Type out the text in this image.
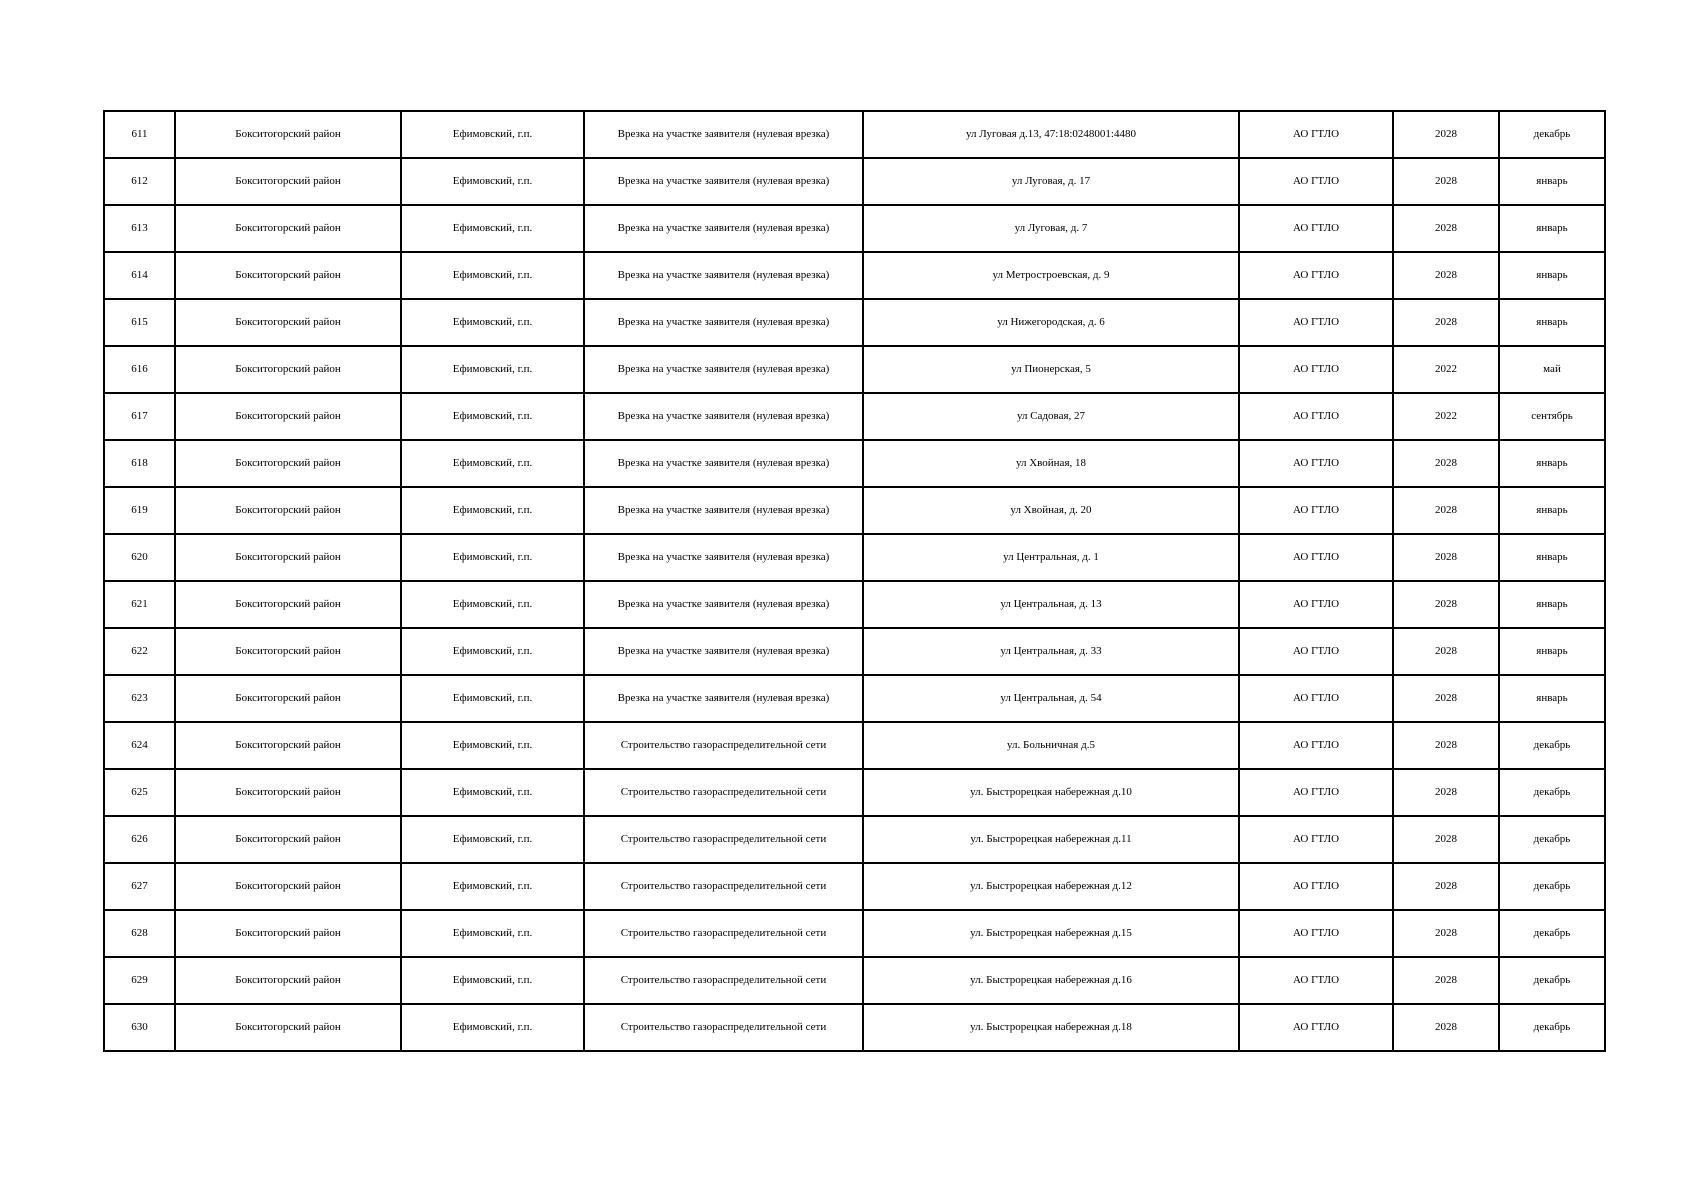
611	Бокситогорский район	Ефимовский, г.п.	Врезка на участке заявителя (нулевая врезка)	ул Луговая д.13, 47:18:0248001:4480	АО ГТЛО	2028	декабрь
612	Бокситогорский район	Ефимовский, г.п.	Врезка на участке заявителя (нулевая врезка)	ул Луговая, д. 17	АО ГТЛО	2028	январь
613	Бокситогорский район	Ефимовский, г.п.	Врезка на участке заявителя (нулевая врезка)	ул Луговая, д. 7	АО ГТЛО	2028	январь
614	Бокситогорский район	Ефимовский, г.п.	Врезка на участке заявителя (нулевая врезка)	ул Метростроевская, д. 9	АО ГТЛО	2028	январь
615	Бокситогорский район	Ефимовский, г.п.	Врезка на участке заявителя (нулевая врезка)	ул Нижегородская, д. 6	АО ГТЛО	2028	январь
616	Бокситогорский район	Ефимовский, г.п.	Врезка на участке заявителя (нулевая врезка)	ул Пионерская, 5	АО ГТЛО	2022	май
617	Бокситогорский район	Ефимовский, г.п.	Врезка на участке заявителя (нулевая врезка)	ул Садовая, 27	АО ГТЛО	2022	сентябрь
618	Бокситогорский район	Ефимовский, г.п.	Врезка на участке заявителя (нулевая врезка)	ул Хвойная, 18	АО ГТЛО	2028	январь
619	Бокситогорский район	Ефимовский, г.п.	Врезка на участке заявителя (нулевая врезка)	ул Хвойная, д. 20	АО ГТЛО	2028	январь
620	Бокситогорский район	Ефимовский, г.п.	Врезка на участке заявителя (нулевая врезка)	ул Центральная, д. 1	АО ГТЛО	2028	январь
621	Бокситогорский район	Ефимовский, г.п.	Врезка на участке заявителя (нулевая врезка)	ул Центральная, д. 13	АО ГТЛО	2028	январь
622	Бокситогорский район	Ефимовский, г.п.	Врезка на участке заявителя (нулевая врезка)	ул Центральная, д. 33	АО ГТЛО	2028	январь
623	Бокситогорский район	Ефимовский, г.п.	Врезка на участке заявителя (нулевая врезка)	ул Центральная, д. 54	АО ГТЛО	2028	январь
624	Бокситогорский район	Ефимовский, г.п.	Строительство газораспределительной сети	ул. Больничная д.5	АО ГТЛО	2028	декабрь
625	Бокситогорский район	Ефимовский, г.п.	Строительство газораспределительной сети	ул. Быстрорецкая набережная д.10	АО ГТЛО	2028	декабрь
626	Бокситогорский район	Ефимовский, г.п.	Строительство газораспределительной сети	ул. Быстрорецкая набережная д.11	АО ГТЛО	2028	декабрь
627	Бокситогорский район	Ефимовский, г.п.	Строительство газораспределительной сети	ул. Быстрорецкая набережная д.12	АО ГТЛО	2028	декабрь
628	Бокситогорский район	Ефимовский, г.п.	Строительство газораспределительной сети	ул. Быстрорецкая набережная д.15	АО ГТЛО	2028	декабрь
629	Бокситогорский район	Ефимовский, г.п.	Строительство газораспределительной сети	ул. Быстрорецкая набережная д.16	АО ГТЛО	2028	декабрь
630	Бокситогорский район	Ефимовский, г.п.	Строительство газораспределительной сети	ул. Быстрорецкая набережная д.18	АО ГТЛО	2028	декабрь
